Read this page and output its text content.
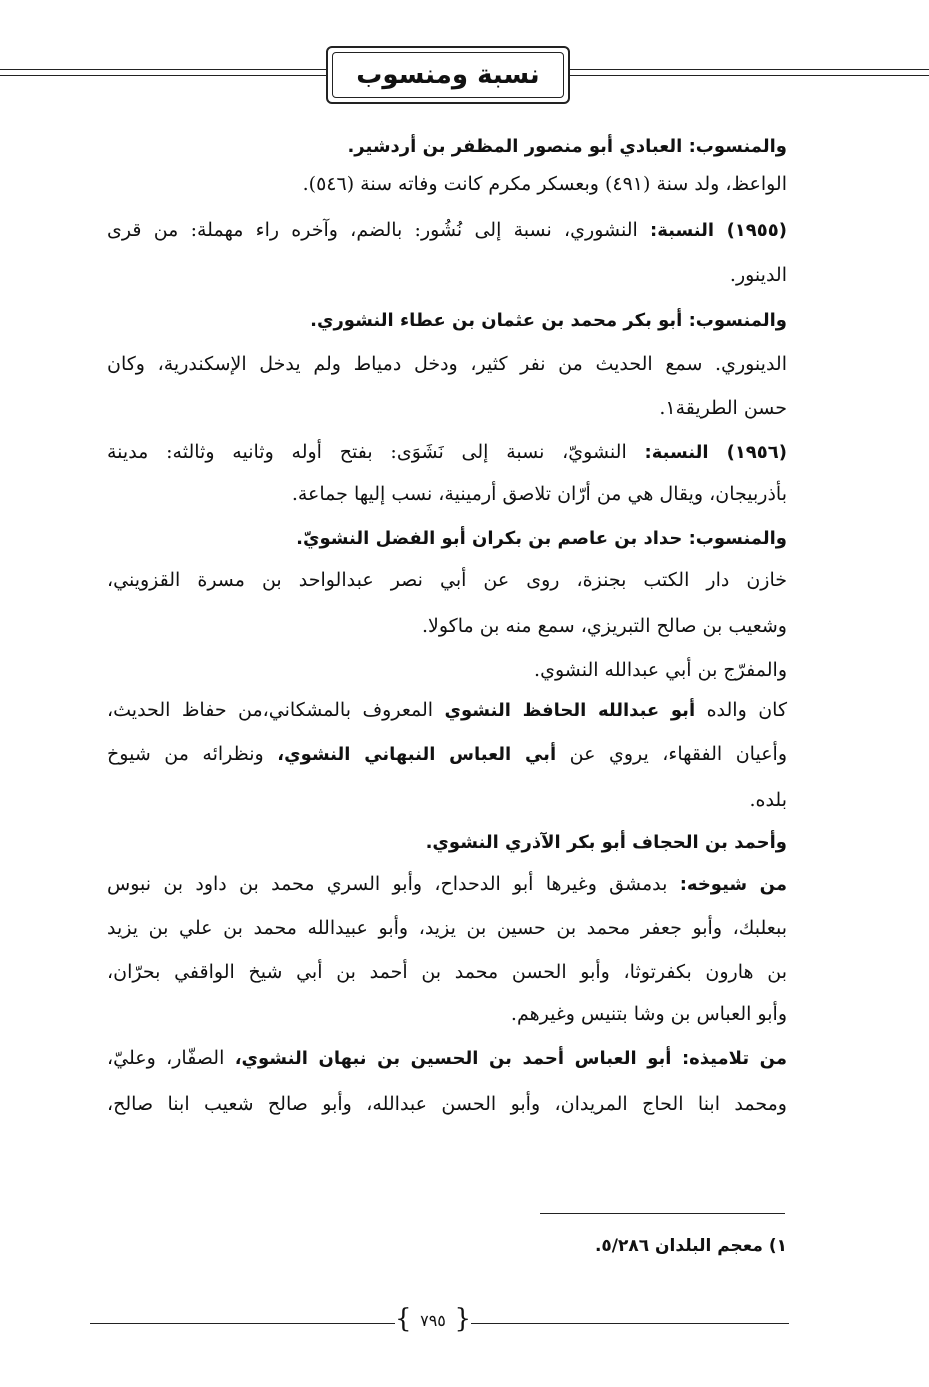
نسبة ومنسوب
والمنسوب: العبادي أبو منصور المظفر بن أردشير.
الواعظ، ولد سنة (٤٩١) وبعسكر مكرم كانت وفاته سنة (٥٤٦).
(١٩٥٥) النسبة: النشوري، نسبة إلى نُشُور: بالضم، وآخره راء مهملة: من قرى
الدينور.
والمنسوب: أبو بكر محمد بن عثمان بن عطاء النشوري.
الدينوري. سمع الحديث من نفر كثير، ودخل دمياط ولم يدخل الإسكندرية، وكان
حسن الطريقة١.
(١٩٥٦) النسبة: النشويّ، نسبة إلى نَشَوَى: بفتح أوله وثانيه وثالثه: مدينة
بأذربيجان، ويقال هي من أرّان تلاصق أرمينية، نسب إليها جماعة.
والمنسوب: حداد بن عاصم بن بكران أبو الفضل النشويّ.
خازن دار الكتب بجنزة، روى عن أبي نصر عبدالواحد بن مسرة القزويني،
وشعيب بن صالح التبريزي، سمع منه بن ماكولا.
والمفرّج بن أبي عبدالله النشوي.
كان والده أبو عبدالله الحافظ النشوي المعروف بالمشكاني،من حفاظ الحديث،
وأعيان الفقهاء، يروي عن أبي العباس النبهاني النشوي، ونظرائه من شيوخ
بلده.
وأحمد بن الحجاف أبو بكر الآذري النشوي.
من شيوخه: بدمشق وغيرها أبو الدحداح، وأبو السري محمد بن داود بن نبوس
ببعلبك، وأبو جعفر محمد بن حسين بن يزيد، وأبو عبيدالله محمد بن علي بن يزيد
بن هارون بكفرتوثا، وأبو الحسن محمد بن أحمد بن أبي شيخ الواقفي بحرّان،
وأبو العباس بن وشا بتنيس وغيرهم.
من تلاميذه: أبو العباس أحمد بن الحسين بن نبهان النشوي، الصفّار، وعليّ،
ومحمد ابنا الحاج المريدان، وأبو الحسن عبدالله، وأبو صالح شعيب ابنا صالح،
١) معجم البلدان ٥/٢٨٦.
{ ٧٩٥ }
